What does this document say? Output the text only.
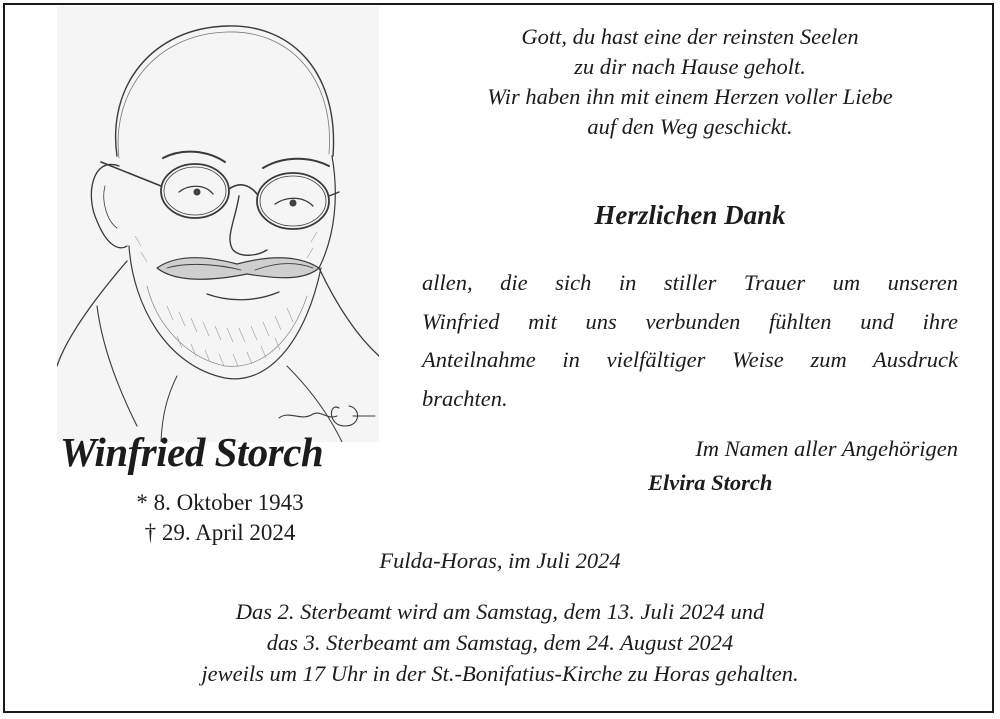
Winfried Storch
* 8. Oktober 1943
† 29. April 2024
Gott, du hast eine der reinsten Seelen
zu dir nach Hause geholt.
Wir haben ihn mit einem Herzen voller Liebe
auf den Weg geschickt.
Herzlichen Dank
allen, die sich in stiller Trauer um unseren
Winfried mit uns verbunden fühlten und ihre
Anteilnahme in vielfältiger Weise zum Ausdruck
brachten.
Im Namen aller Angehörigen
Elvira Storch
Fulda-Horas, im Juli 2024
Das 2. Sterbeamt wird am Samstag, dem 13. Juli 2024 und
das 3. Sterbeamt am Samstag, dem 24. August 2024
jeweils um 17 Uhr in der St.-Bonifatius-Kirche zu Horas gehalten.
